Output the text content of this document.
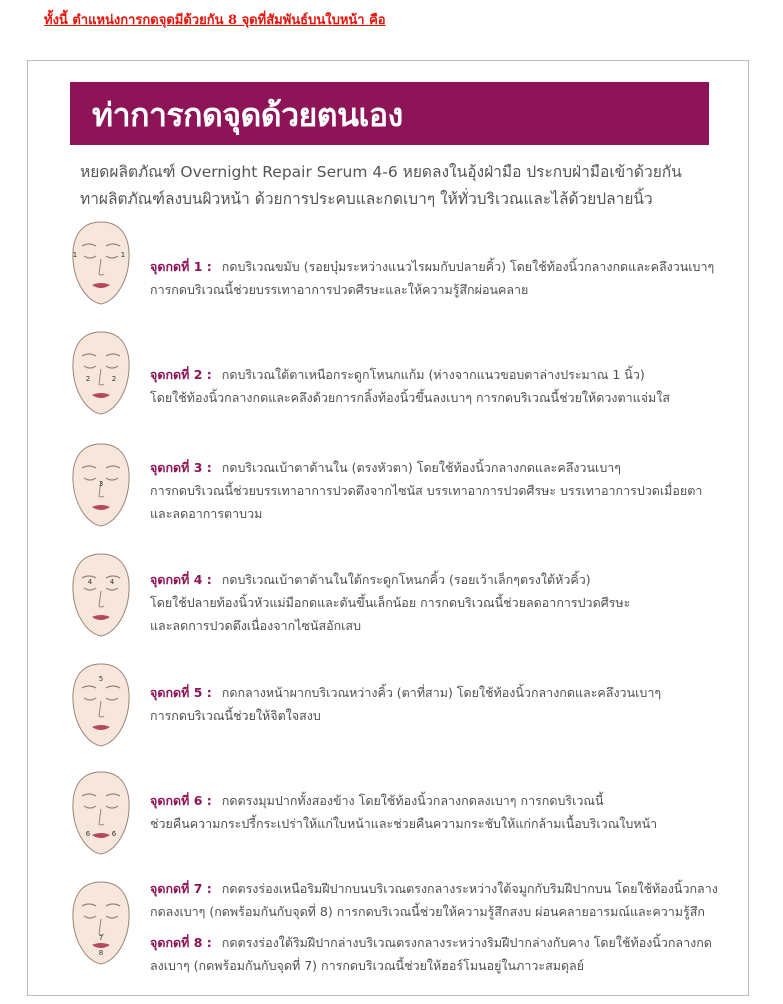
ทั้งนี้ ตำแหน่งการกดจุดมีด้วยกัน 8 จุดที่สัมพันธ์บนใบหน้า คือ
ท่าการกดจุดด้วยตนเอง
หยดผลิตภัณฑ์ Overnight Repair Serum 4-6 หยดลงในอุ้งฝ่ามือ ประกบฝ่ามือเข้าด้วยกัน
ทาผลิตภัณฑ์ลงบนผิวหน้า ด้วยการประคบและกดเบาๆ ให้ทั่วบริเวณและไล้ด้วยปลายนิ้ว
1	1
จุดกดที่ 1 : กดบริเวณขมับ (รอยบุ๋มระหว่างแนวไรผมกับปลายคิ้ว) โดยใช้ท้องนิ้วกลางกดและคลึงวนเบาๆ
การกดบริเวณนี้ช่วยบรรเทาอาการปวดศีรษะและให้ความรู้สึกผ่อนคลาย
2	2	จุดกดที่ 2 : กดบริเวณใต้ตาเหนือกระดูกโหนกแก้ม (ห่างจากแนวขอบตาล่างประมาณ 1 นิ้ว)
โดยใช้ท้องนิ้วกลางกดและคลึงด้วยการกลิ้งท้องนิ้วขึ้นลงเบาๆ การกดบริเวณนี้ช่วยให้ดวงตาแจ่มใส
3
จุดกดที่ 3 : กดบริเวณเบ้าตาด้านใน (ตรงหัวตา) โดยใช้ท้องนิ้วกลางกดและคลึงวนเบาๆ
การกดบริเวณนี้ช่วยบรรเทาอาการปวดตึงจากไซนัส บรรเทาอาการปวดศีรษะ บรรเทาอาการปวดเมื่อยตา
และลดอาการตาบวม
4	4	จุดกดที่ 4 : กดบริเวณเบ้าตาด้านในใต้กระดูกโหนกคิ้ว (รอยเว้าเล็กๆตรงใต้หัวคิ้ว)
โดยใช้ปลายท้องนิ้วหัวแม่มือกดและดันขึ้นเล็กน้อย การกดบริเวณนี้ช่วยลดอาการปวดศีรษะ
และลดการปวดตึงเนื่องจากไซนัสอักเสบ
5
จุดกดที่ 5 : กดกลางหน้าผากบริเวณหว่างคิ้ว (ตาที่สาม) โดยใช้ท้องนิ้วกลางกดและคลึงวนเบาๆ
การกดบริเวณนี้ช่วยให้จิตใจสงบ
6	6
จุดกดที่ 6 : กดตรงมุมปากทั้งสองข้าง โดยใช้ท้องนิ้วกลางกดลงเบาๆ การกดบริเวณนี้
ช่วยคืนความกระปรี้กระเปร่าให้แก่ใบหน้าและช่วยคืนความกระชับให้แก่กล้ามเนื้อบริเวณใบหน้า
7
8
จุดกดที่ 7 : กดตรงร่องเหนือริมฝีปากบนบริเวณตรงกลางระหว่างใต้จมูกกับริมฝีปากบน โดยใช้ท้องนิ้วกลาง
กดลงเบาๆ (กดพร้อมกันกับจุดที่ 8) การกดบริเวณนี้ช่วยให้ความรู้สึกสงบ ผ่อนคลายอารมณ์และความรู้สึก
จุดกดที่ 8 : กดตรงร่องใต้ริมฝีปากล่างบริเวณตรงกลางระหว่างริมฝีปากล่างกับคาง โดยใช้ท้องนิ้วกลางกด
ลงเบาๆ (กดพร้อมกันกับจุดที่ 7) การกดบริเวณนี้ช่วยให้ฮอร์โมนอยู่ในภาวะสมดุลย์
